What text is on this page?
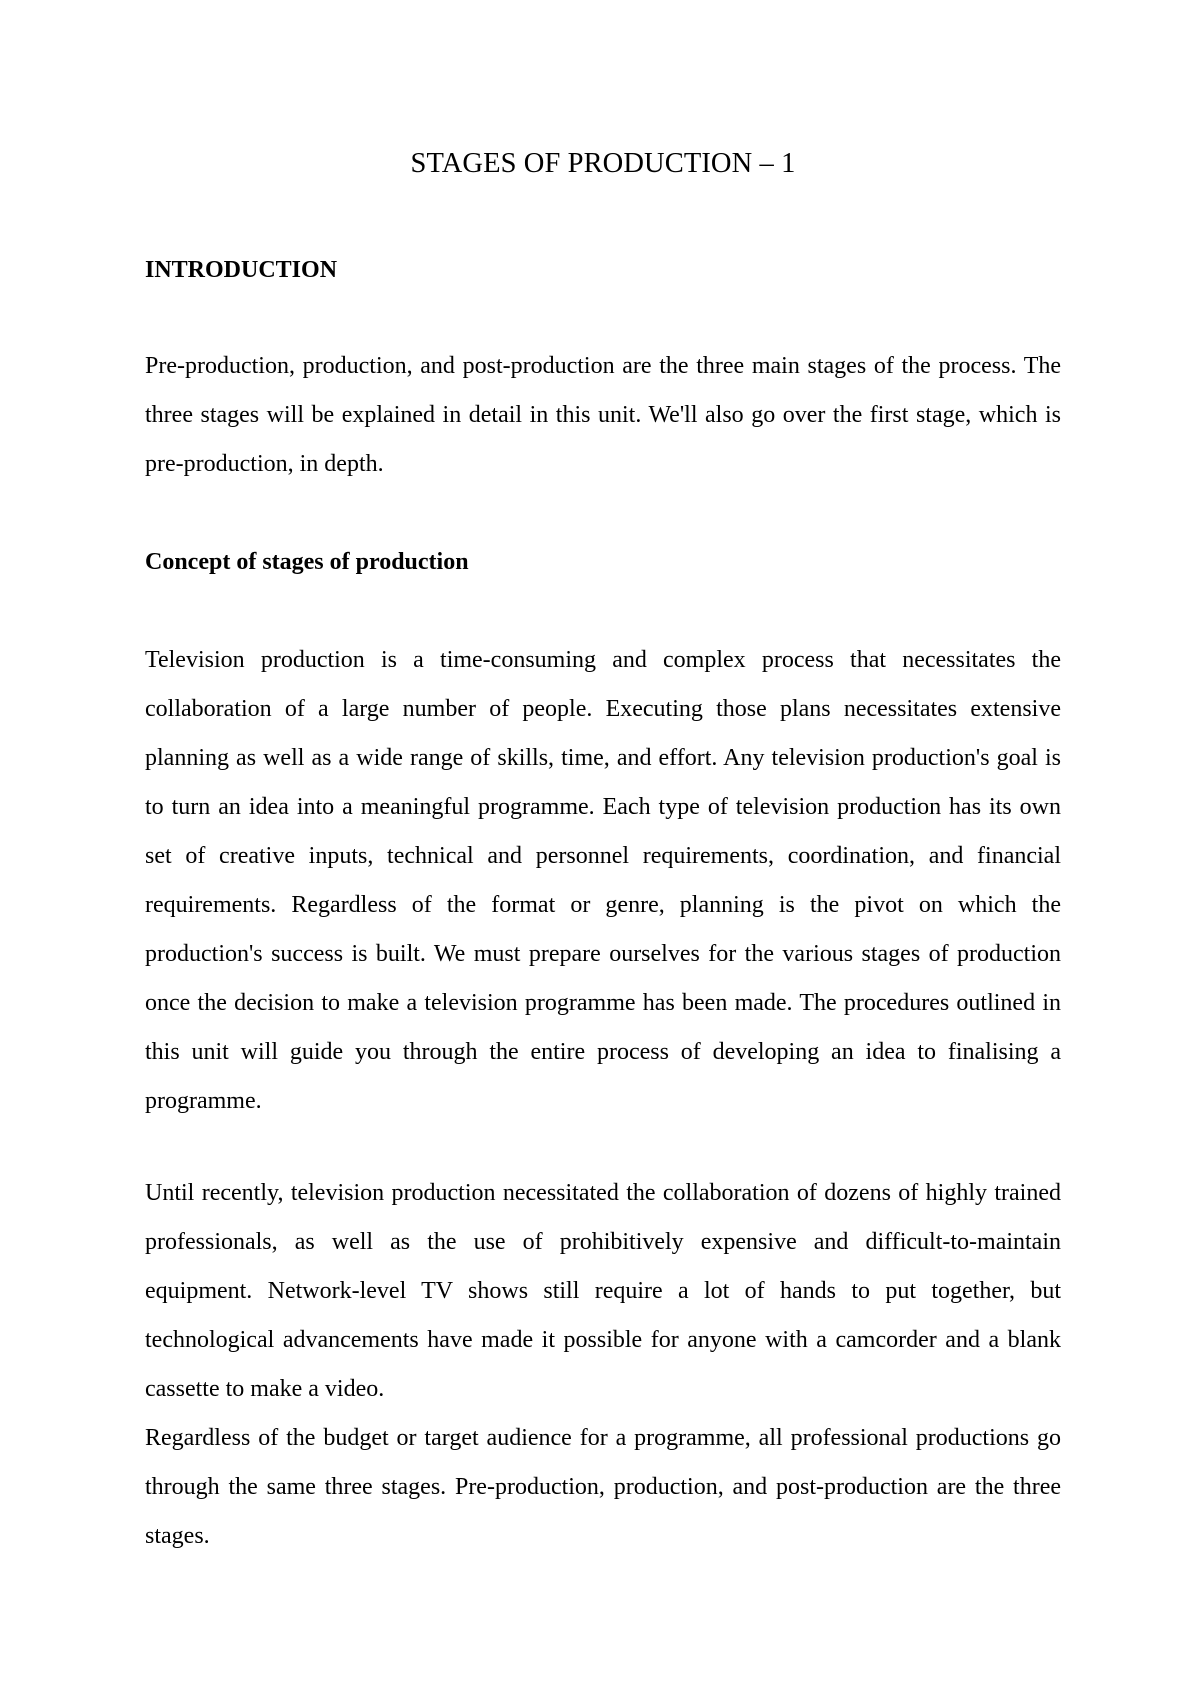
STAGES OF PRODUCTION – 1
INTRODUCTION

Pre-production, production, and post-production are the three main stages of the process. The three stages will be explained in detail in this unit. We'll also go over the first stage, which is pre-production, in depth.

Concept of stages of production

Television production is a time-consuming and complex process that necessitates the collaboration of a large number of people. Executing those plans necessitates extensive planning as well as a wide range of skills, time, and effort. Any television production's goal is to turn an idea into a meaningful programme. Each type of television production has its own set of creative inputs, technical and personnel requirements, coordination, and financial requirements. Regardless of the format or genre, planning is the pivot on which the production's success is built. We must prepare ourselves for the various stages of production once the decision to make a television programme has been made. The procedures outlined in this unit will guide you through the entire process of developing an idea to finalising a programme.

Until recently, television production necessitated the collaboration of dozens of highly trained professionals, as well as the use of prohibitively expensive and difficult-to-maintain equipment. Network-level TV shows still require a lot of hands to put together, but technological advancements have made it possible for anyone with a camcorder and a blank cassette to make a video.

Regardless of the budget or target audience for a programme, all professional productions go through the same three stages. Pre-production, production, and post-production are the three stages.
